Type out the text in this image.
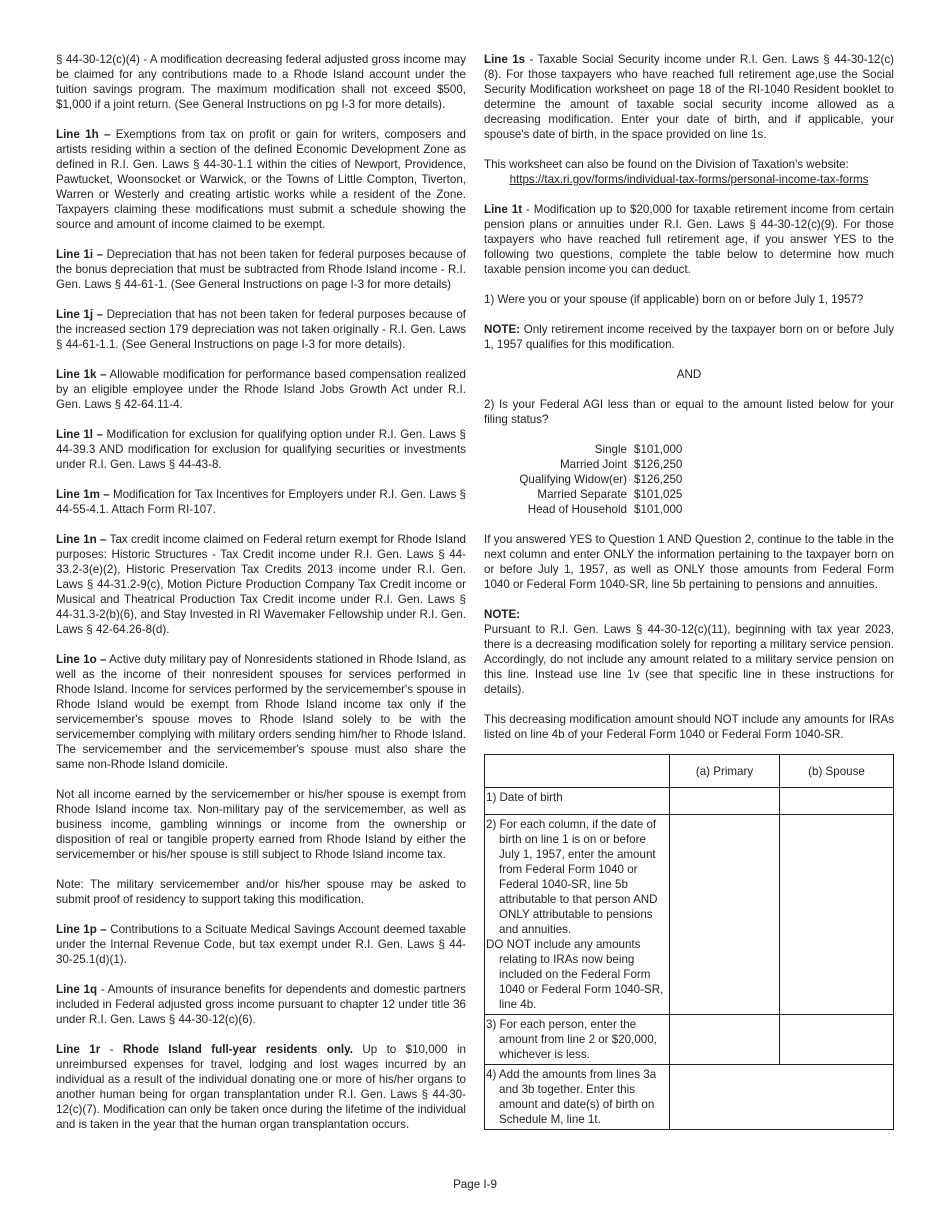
§ 44-30-12(c)(4) - A modification decreasing federal adjusted gross income may be claimed for any contributions made to a Rhode Island account under the tuition savings program. The maximum modification shall not exceed $500, $1,000 if a joint return. (See General Instructions on pg I-3 for more details).

Line 1h – Exemptions from tax on profit or gain for writers, composers and artists residing within a section of the defined Economic Development Zone as defined in R.I. Gen. Laws § 44-30-1.1 within the cities of Newport, Providence, Pawtucket, Woonsocket or Warwick, or the Towns of Little Compton, Tiverton, Warren or Westerly and creating artistic works while a resident of the Zone. Taxpayers claiming these modifications must submit a schedule showing the source and amount of income claimed to be exempt.

Line 1i – Depreciation that has not been taken for federal purposes because of the bonus depreciation that must be subtracted from Rhode Island income - R.I. Gen. Laws § 44-61-1. (See General Instructions on page I-3 for more details)

Line 1j – Depreciation that has not been taken for federal purposes because of the increased section 179 depreciation was not taken originally - R.I. Gen. Laws § 44-61-1.1. (See General Instructions on page I-3 for more details).

Line 1k – Allowable modification for performance based compensation realized by an eligible employee under the Rhode Island Jobs Growth Act under R.I. Gen. Laws § 42-64.11-4.

Line 1l – Modification for exclusion for qualifying option under R.I. Gen. Laws § 44-39.3 AND modification for exclusion for qualifying securities or investments under R.I. Gen. Laws § 44-43-8.

Line 1m – Modification for Tax Incentives for Employers under R.I. Gen. Laws § 44-55-4.1. Attach Form RI-107.

Line 1n – Tax credit income claimed on Federal return exempt for Rhode Island purposes: Historic Structures - Tax Credit income under R.I. Gen. Laws § 44-33.2-3(e)(2), Historic Preservation Tax Credits 2013 income under R.I. Gen. Laws § 44-31.2-9(c), Motion Picture Production Company Tax Credit income or Musical and Theatrical Production Tax Credit income under R.I. Gen. Laws § 44-31.3-2(b)(6), and Stay Invested in RI Wavemaker Fellowship under R.I. Gen. Laws § 42-64.26-8(d).

Line 1o – Active duty military pay of Nonresidents stationed in Rhode Island, as well as the income of their nonresident spouses for services performed in Rhode Island. Income for services performed by the servicemember's spouse in Rhode Island would be exempt from Rhode Island income tax only if the servicemember's spouse moves to Rhode Island solely to be with the servicemember complying with military orders sending him/her to Rhode Island. The servicemember and the servicemember's spouse must also share the same non-Rhode Island domicile.

Not all income earned by the servicemember or his/her spouse is exempt from Rhode Island income tax. Non-military pay of the servicemember, as well as business income, gambling winnings or income from the ownership or disposition of real or tangible property earned from Rhode Island by either the servicemember or his/her spouse is still subject to Rhode Island income tax.

Note: The military servicemember and/or his/her spouse may be asked to submit proof of residency to support taking this modification.

Line 1p – Contributions to a Scituate Medical Savings Account deemed taxable under the Internal Revenue Code, but tax exempt under R.I. Gen. Laws § 44-30-25.1(d)(1).

Line 1q - Amounts of insurance benefits for dependents and domestic partners included in Federal adjusted gross income pursuant to chapter 12 under title 36 under R.I. Gen. Laws § 44-30-12(c)(6).

Line 1r - Rhode Island full-year residents only. Up to $10,000 in unreimbursed expenses for travel, lodging and lost wages incurred by an individual as a result of the individual donating one or more of his/her organs to another human being for organ transplantation under R.I. Gen. Laws § 44-30-12(c)(7). Modification can only be taken once during the lifetime of the individual and is taken in the year that the human organ transplantation occurs.

Line 1s - Taxable Social Security income under R.I. Gen. Laws § 44-30-12(c)(8). For those taxpayers who have reached full retirement age,use the Social Security Modification worksheet on page 18 of the RI-1040 Resident booklet to determine the amount of taxable social security income allowed as a decreasing modification. Enter your date of birth, and if applicable, your spouse's date of birth, in the space provided on line 1s.

This worksheet can also be found on the Division of Taxation's website:
https://tax.ri.gov/forms/individual-tax-forms/personal-income-tax-forms

Line 1t - Modification up to $20,000 for taxable retirement income from certain pension plans or annuities under R.I. Gen. Laws § 44-30-12(c)(9). For those taxpayers who have reached full retirement age, if you answer YES to the following two questions, complete the table below to determine how much taxable pension income you can deduct.

1) Were you or your spouse (if applicable) born on or before July 1, 1957?

NOTE: Only retirement income received by the taxpayer born on or before July 1, 1957 qualifies for this modification.

AND

2) Is your Federal AGI less than or equal to the amount listed below for your filing status?

Single $101,000
Married Joint $126,250
Qualifying Widow(er) $126,250
Married Separate $101,025
Head of Household $101,000

If you answered YES to Question 1 AND Question 2, continue to the table in the next column and enter ONLY the information pertaining to the taxpayer born on or before July 1, 1957, as well as ONLY those amounts from Federal Form 1040 or Federal Form 1040-SR, line 5b pertaining to pensions and annuities.

NOTE:
Pursuant to R.I. Gen. Laws § 44-30-12(c)(11), beginning with tax year 2023, there is a decreasing modification solely for reporting a military service pension. Accordingly, do not include any amount related to a military service pension on this line. Instead use line 1v (see that specific line in these instructions for details).

This decreasing modification amount should NOT include any amounts for IRAs listed on line 4b of your Federal Form 1040 or Federal Form 1040-SR.

	(a) Primary	(b) Spouse

1) Date of birth		

2) For each column, if the date of birth on line 1 is on or before July 1, 1957, enter the amount from Federal Form 1040 or Federal 1040-SR, line 5b attributable to that person AND ONLY attributable to pensions and annuities.
DO NOT include any amounts relating to IRAs now being included on the Federal Form 1040 or Federal Form 1040-SR, line 4b.		

3) For each person, enter the amount from line 2 or $20,000, whichever is less.		

4) Add the amounts from lines 3a and 3b together. Enter this amount and date(s) of birth on Schedule M, line 1t.		

Page I-9
